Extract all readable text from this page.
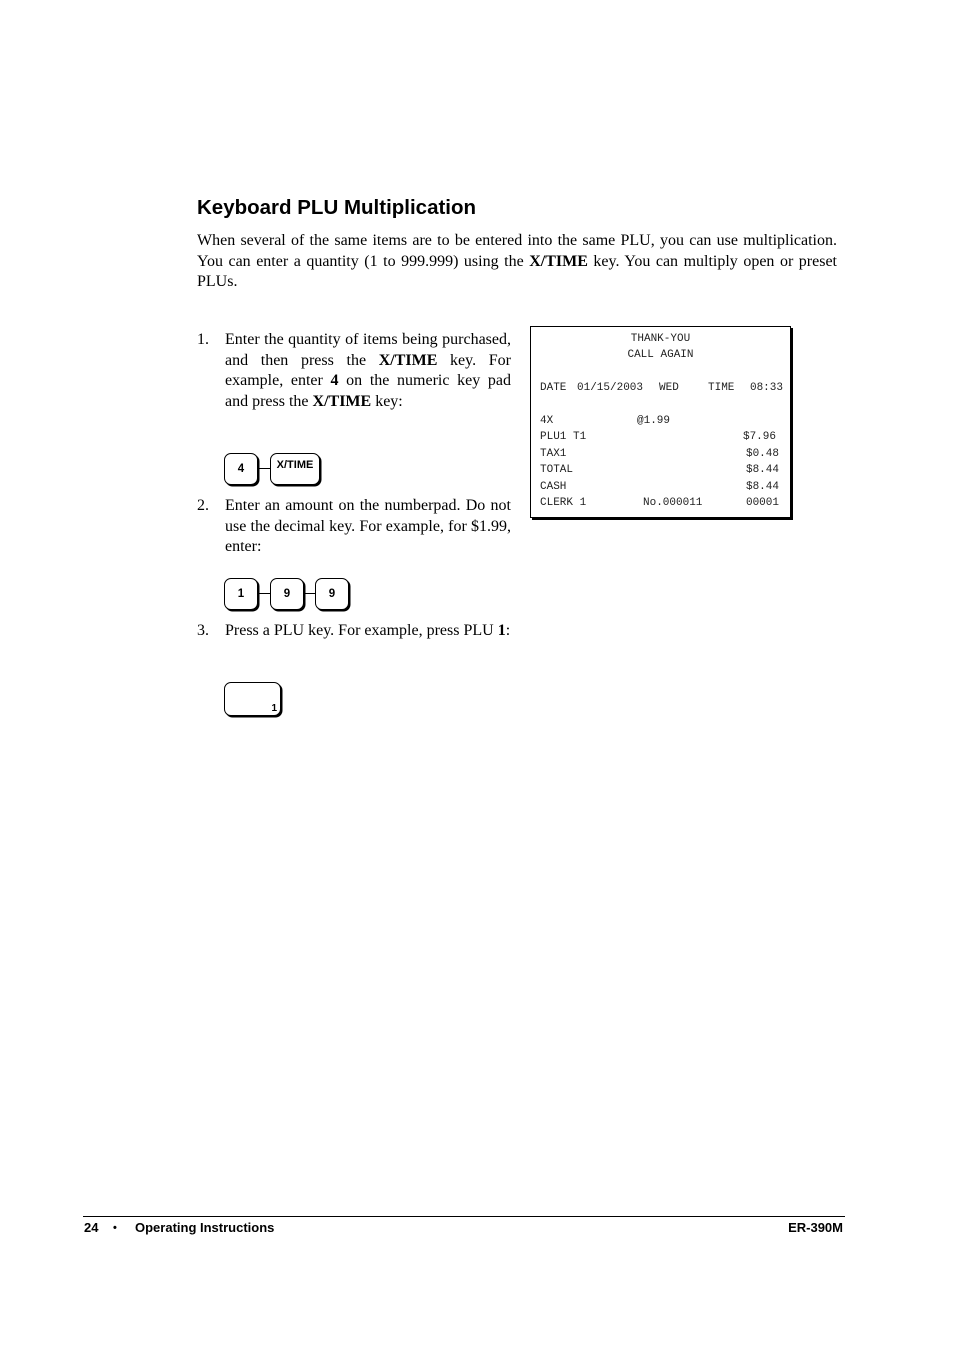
Keyboard PLU Multiplication

When several of the same items are to be entered into the same PLU, you can use multiplication. You can enter a quantity (1 to 999.999) using the X/TIME key. You can multiply open or preset PLUs.

1. Enter the quantity of items being purchased, and then press the X/TIME key. For example, enter 4 on the numeric key pad and press the X/TIME key:
4	X/TIME
2. Enter an amount on the numberpad. Do not use the decimal key. For example, for $1.99, enter:
1	9	9
3. Press a PLU key. For example, press PLU 1:
1
THANK-YOU
CALL AGAIN
DATE 01/15/2003 WED	TIME 08:33
4X	@1.99
PLU1 T1	$7.96
TAX1	$0.48
TOTAL	$8.44
CASH	$8.44
CLERK 1	No.000011	00001
24 • Operating Instructions	ER-390M
